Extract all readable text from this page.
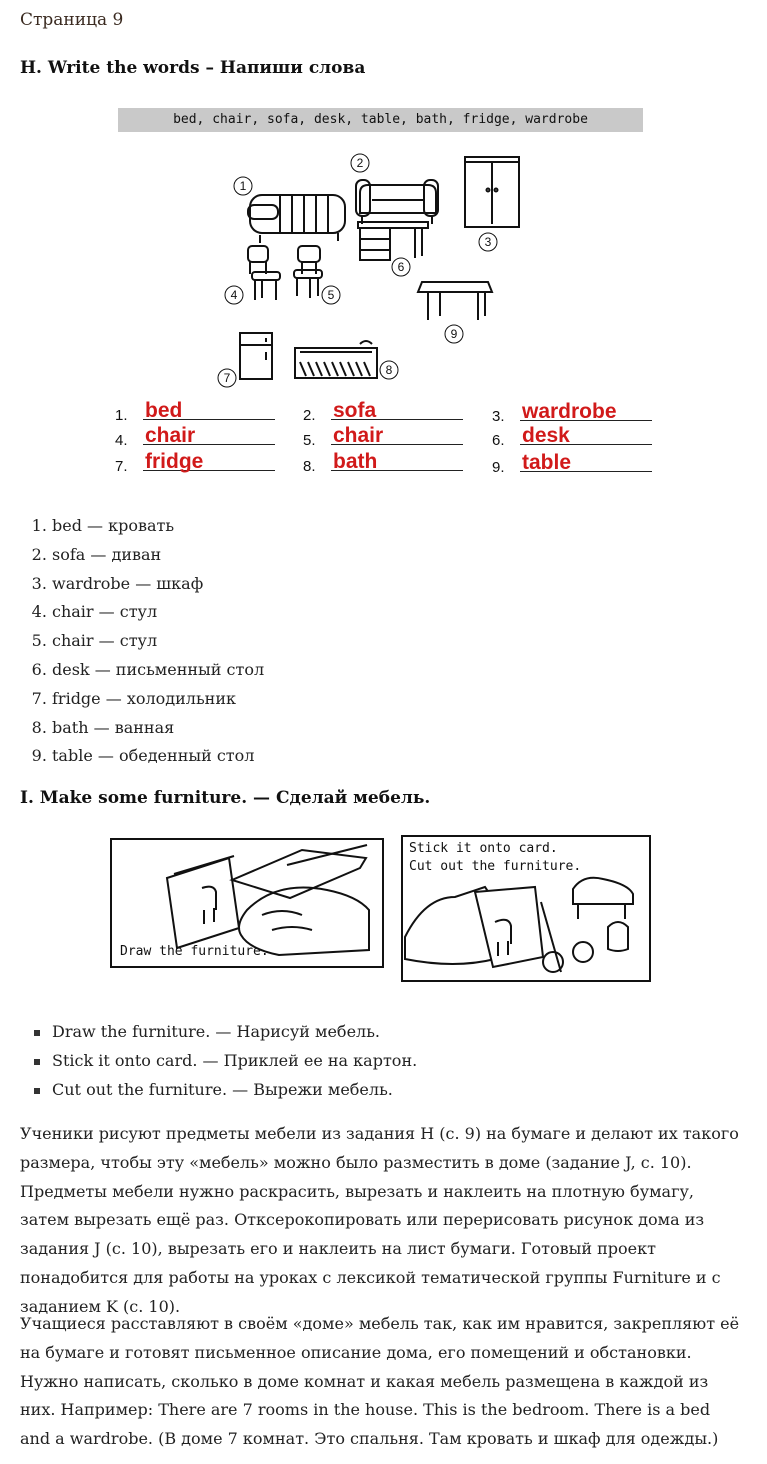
Страница 9
H. Write the words – Напиши слова
bed, chair, sofa, desk, table, bath, fridge, wardrobe
1
2
3
4	5
6
7
8
9
1. bed	2. sofa	3. wardrobe
4. chair	5. chair	6. desk
7. fridge	8. bath	9. table
1. bed — кровать
2. sofa — диван
3. wardrobe — шкаф
4. chair — стул
5. chair — стул
6. desk — письменный стол
7. fridge — холодильник
8. bath — ванная
9. table — обеденный стол
I. Make some furniture. — Сделай мебель.
Draw the furniture.
Stick it onto card.
Cut out the furniture.
Draw the furniture. — Нарисуй мебель.
Stick it onto card. — Приклей ее на картон.
Cut out the furniture. — Вырежи мебель.

Ученики рисуют предметы мебели из задания H (с. 9) на бумаге и делают их такого размера, чтобы эту «мебель» можно было разместить в доме (задание J, с. 10). Предметы мебели нужно раскрасить, вырезать и наклеить на плотную бумагу, затем вырезать ещё раз. Отксерокопировать или перерисовать рисунок дома из задания J (с. 10), вырезать его и наклеить на лист бумаги. Готовый проект понадобится для работы на уроках с лексикой тематической группы Furniture и с заданием K (с. 10).

Учащиеся расставляют в своём «доме» мебель так, как им нравится, закрепляют её на бумаге и готовят письменное описание дома, его помещений и обстановки. Нужно написать, сколько в доме комнат и какая мебель размещена в каждой из них. Например: There are 7 rooms in the house. This is the bedroom. There is a bed and a wardrobe. (В доме 7 комнат. Это спальня. Там кровать и шкаф для одежды.)
